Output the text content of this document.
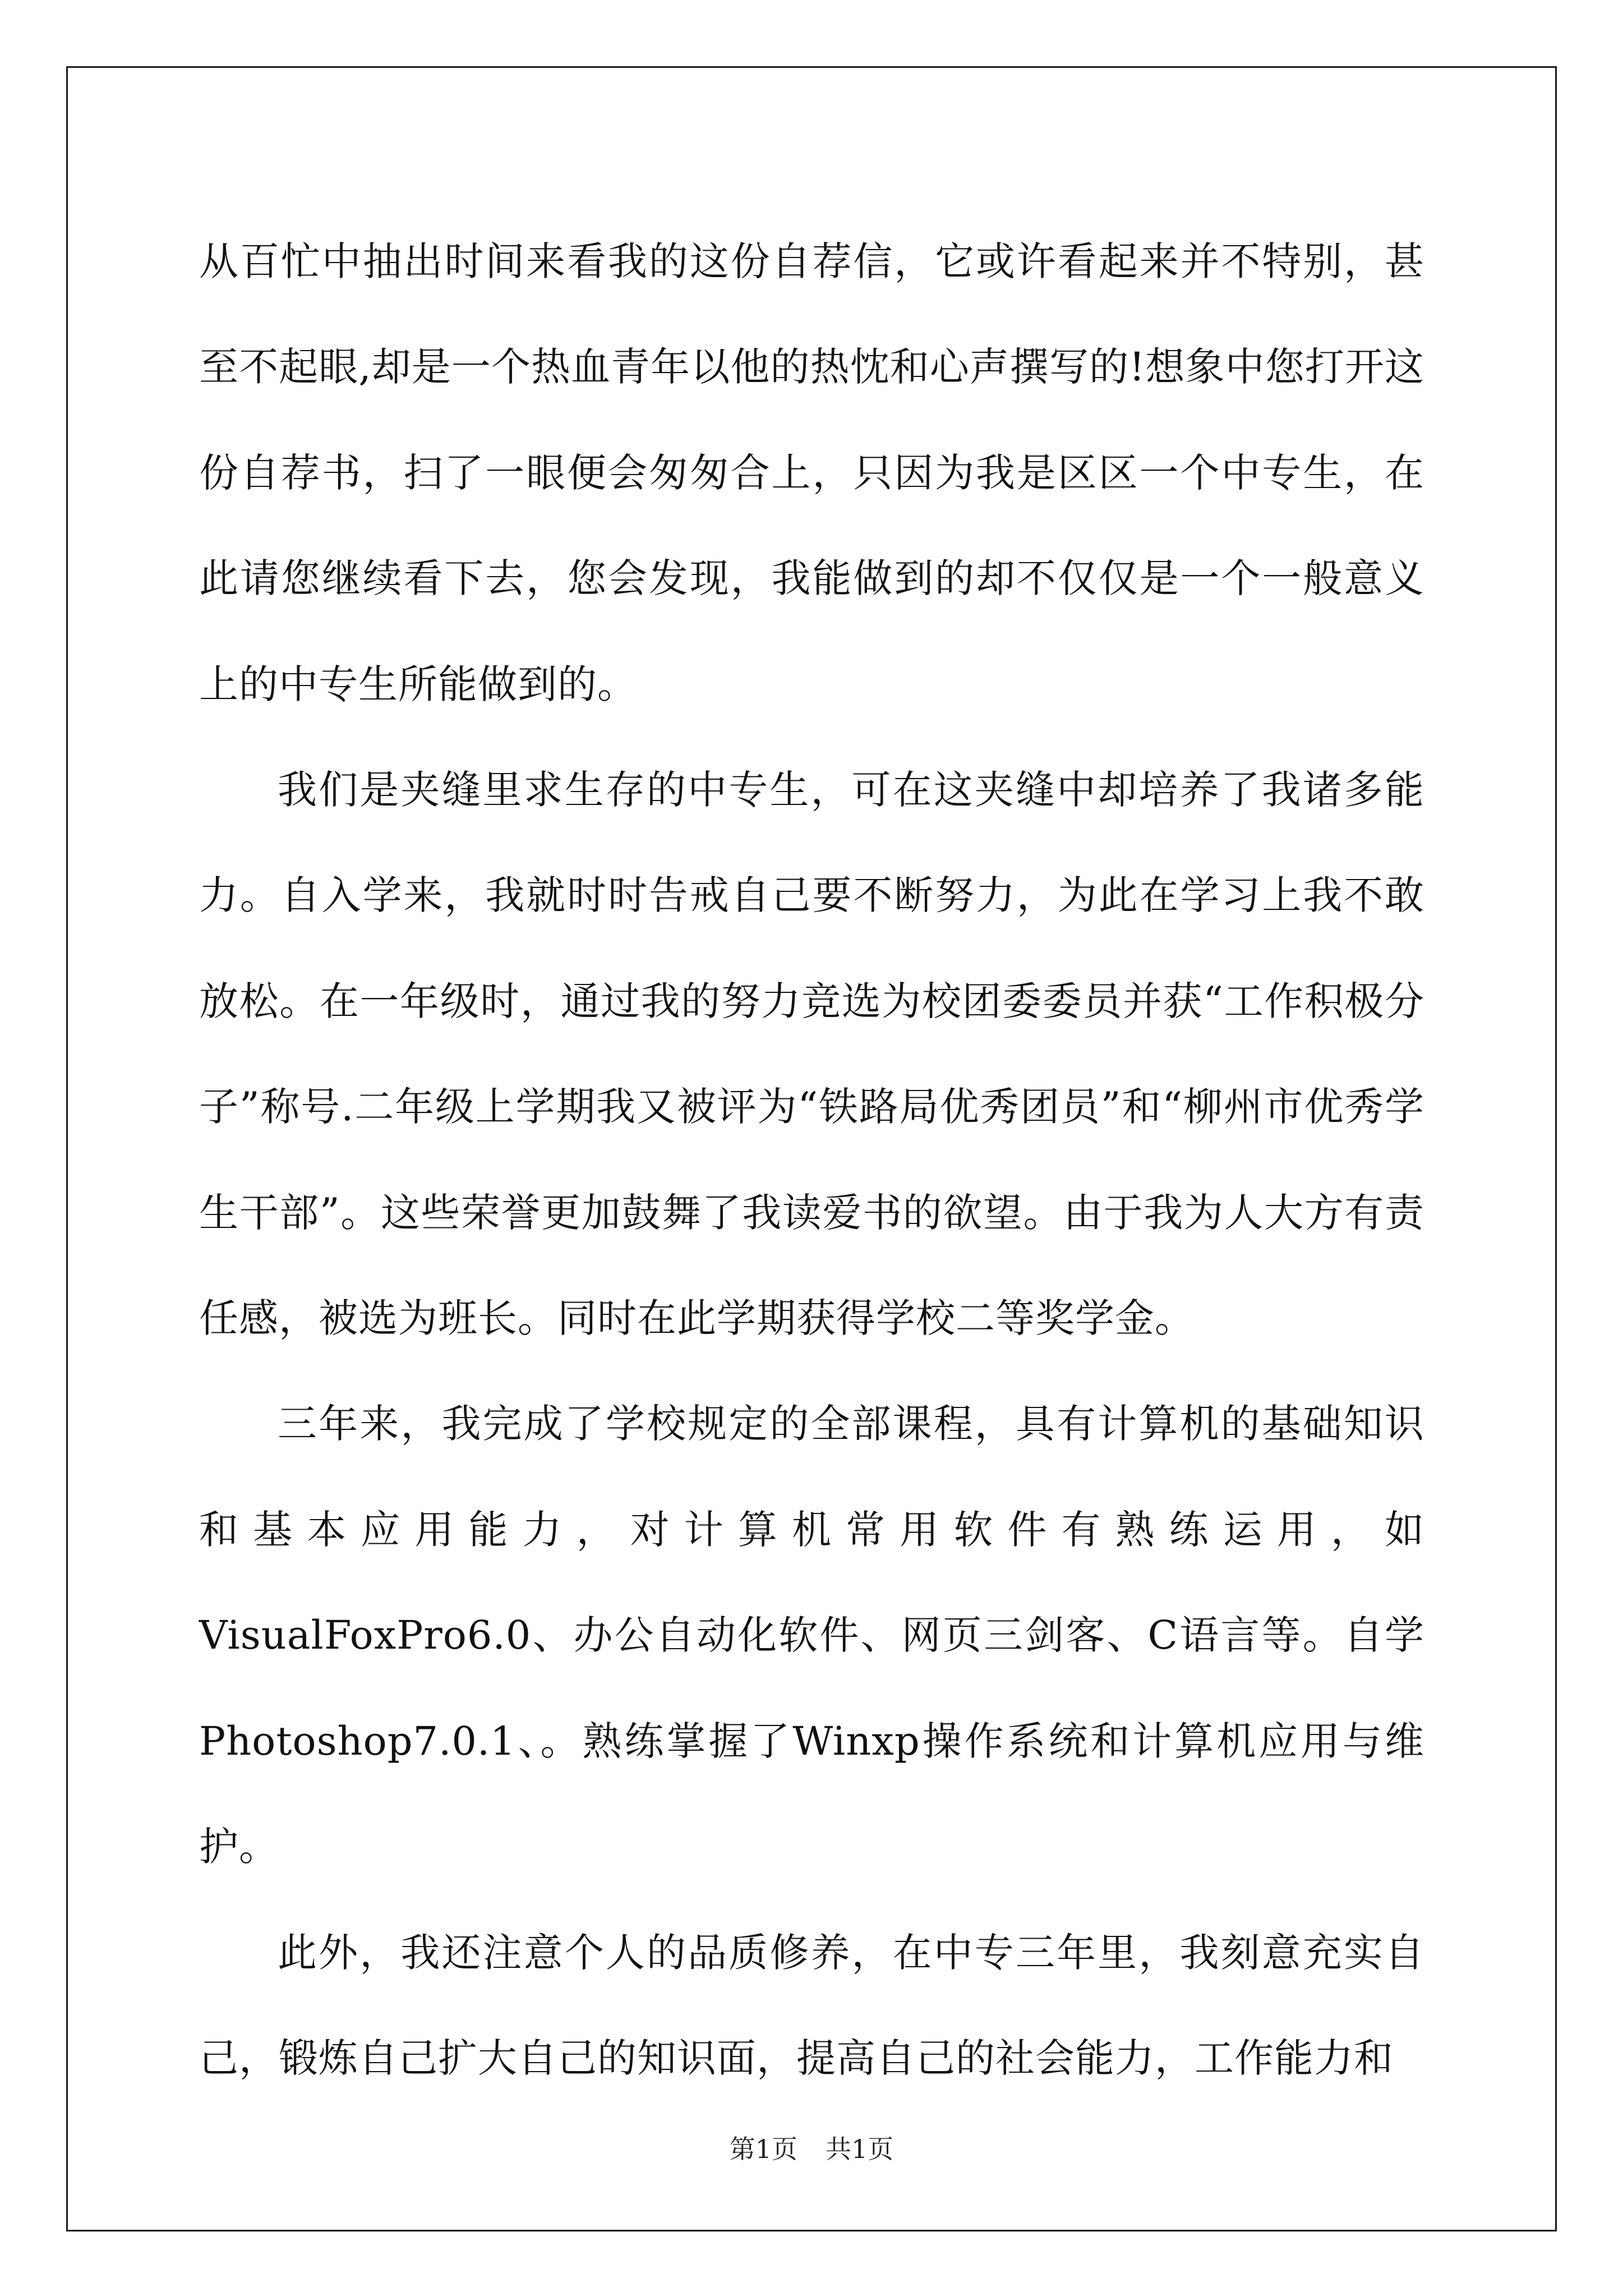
从百忙中抽出时间来看我的这份自荐信，它或许看起来并不特别，甚至不起眼,却是一个热血青年以他的热忱和心声撰写的!想象中您打开这份自荐书，扫了一眼便会匆匆合上，只因为我是区区一个中专生，在此请您继续看下去，您会发现，我能做到的却不仅仅是一个一般意义上的中专生所能做到的。

我们是夹缝里求生存的中专生，可在这夹缝中却培养了我诸多能力。自入学来，我就时时告戒自己要不断努力，为此在学习上我不敢放松。在一年级时，通过我的努力竞选为校团委委员并获“工作积极分子”称号.二年级上学期我又被评为“铁路局优秀团员”和“柳州市优秀学生干部”。这些荣誉更加鼓舞了我读爱书的欲望。由于我为人大方有责任感，被选为班长。同时在此学期获得学校二等奖学金。

三年来，我完成了学校规定的全部课程，具有计算机的基础知识和基本应用能力，对计算机常用软件有熟练运用，如VisualFoxPro6.0、办公自动化软件、网页三剑客、C语言等。自学Photoshop7.0.1、。熟练掌握了Winxp操作系统和计算机应用与维护。

此外，我还注意个人的品质修养，在中专三年里，我刻意充实自己，锻炼自己扩大自己的知识面，提高自己的社会能力，工作能力和

第1页 共1页
